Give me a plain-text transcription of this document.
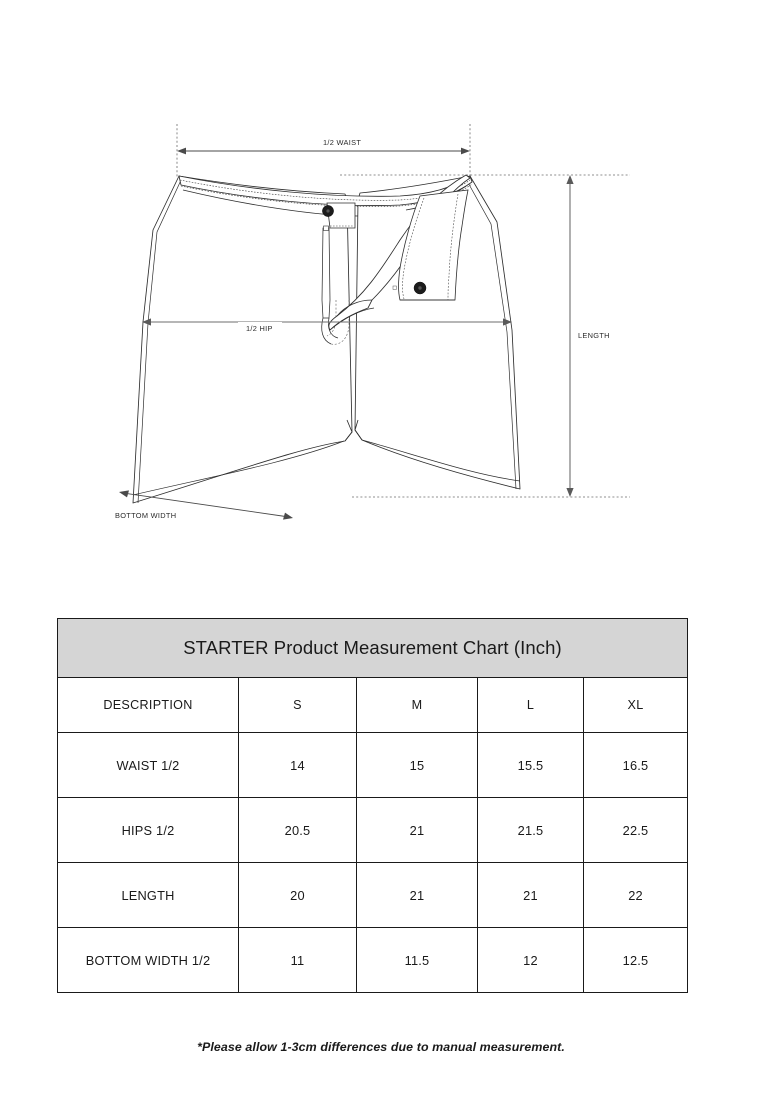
1/2 WAIST
1/2 HIP
LENGTH
BOTTOM WIDTH
STARTER Product Measurement Chart (Inch)				
DESCRIPTION	S	M	L	XL
WAIST 1/2	14	15	15.5	16.5
HIPS 1/2	20.5	21	21.5	22.5
LENGTH	20	21	21	22
BOTTOM WIDTH 1/2	11	11.5	12	12.5
*Please allow 1-3cm differences due to manual measurement.
